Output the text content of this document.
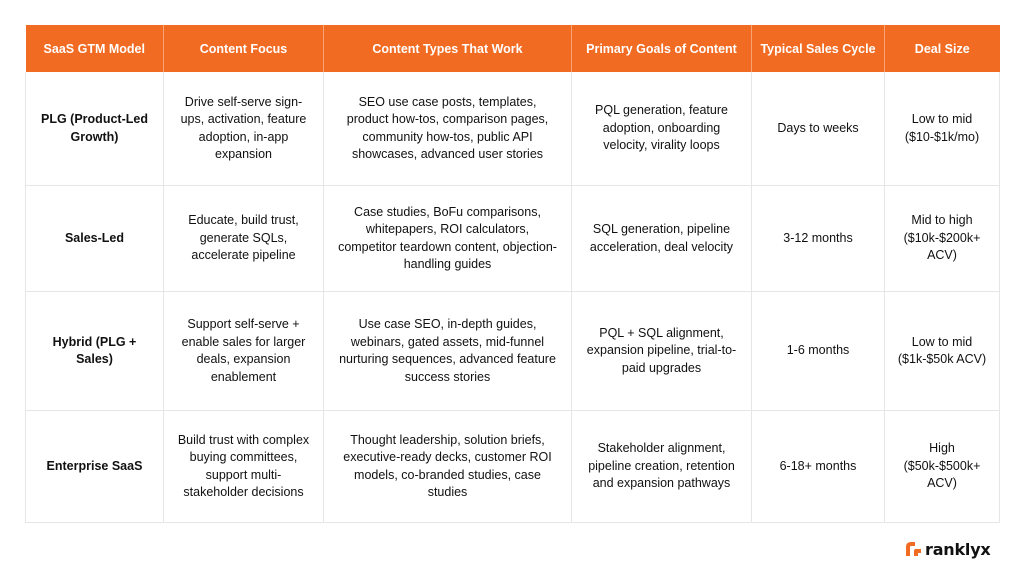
SaaS GTM Model	Content Focus	Content Types That Work	Primary Goals of Content	Typical Sales Cycle	Deal Size
PLG (Product-Led Growth)	Drive self-serve sign-ups, activation, feature adoption, in-app expansion	SEO use case posts, templates, product how-tos, comparison pages, community how-tos, public API showcases, advanced user stories	PQL generation, feature adoption, onboarding velocity, virality loops	Days to weeks	Low to mid ($10-$1k/mo)
Sales-Led	Educate, build trust, generate SQLs, accelerate pipeline	Case studies, BoFu comparisons, whitepapers, ROI calculators, competitor teardown content, objection-handling guides	SQL generation, pipeline acceleration, deal velocity	3-12 months	Mid to high ($10k-$200k+ ACV)
Hybrid (PLG + Sales)	Support self-serve + enable sales for larger deals, expansion enablement	Use case SEO, in-depth guides, webinars, gated assets, mid-funnel nurturing sequences, advanced feature success stories	PQL + SQL alignment, expansion pipeline, trial-to-paid upgrades	1-6 months	Low to mid ($1k-$50k ACV)
Enterprise SaaS	Build trust with complex buying committees, support multi-stakeholder decisions	Thought leadership, solution briefs, executive-ready decks, customer ROI models, co-branded studies, case studies	Stakeholder alignment, pipeline creation, retention and expansion pathways	6-18+ months	High ($50k-$500k+ ACV)
ranklyx
